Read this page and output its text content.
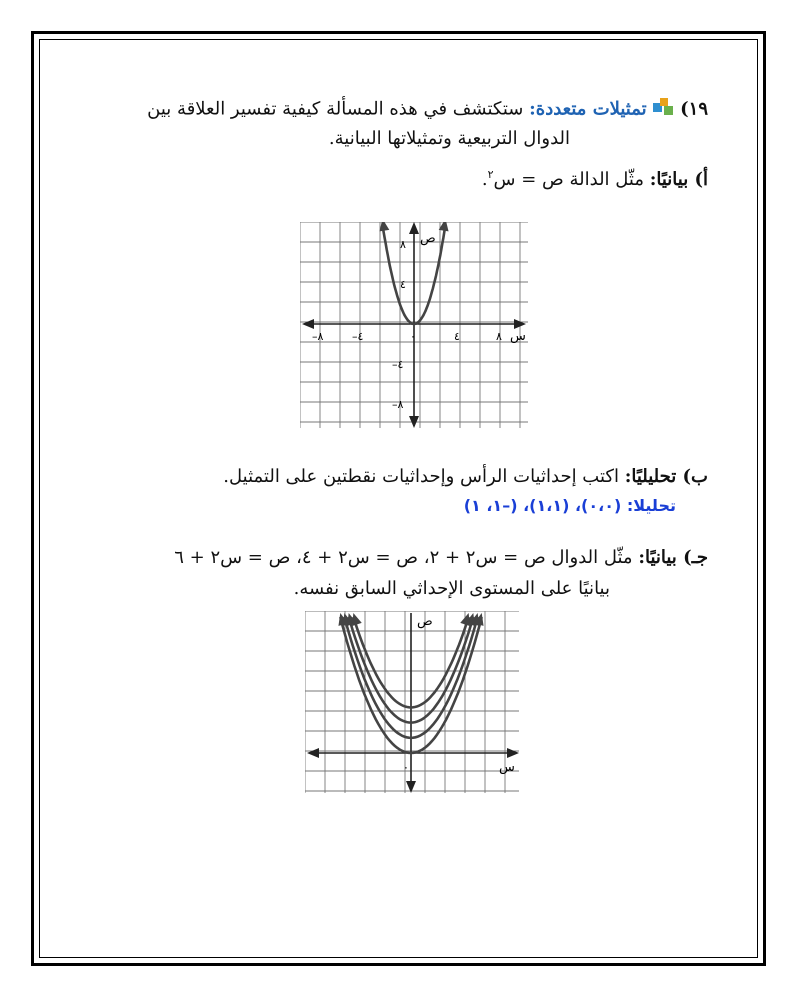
١٩)  تمثيلات متعددة: ستكتشف في هذه المسألة كيفية تفسير العلاقة بين
الدوال التربيعية وتمثيلاتها البيانية.
أ) بيانيًا: مثّل الدالة ص = س$^٢$.
ص
س
٠	٤	٨
–٤
–٨
٤
٨
–٤
–٨
ب) تحليليًا: اكتب إحداثيات الرأس وإحداثيات نقطتين على التمثيل.
تحليلا: (٠،٠)، (١،١)، (–١، ١)
جـ) بيانيًا: مثّل الدوال ص = س٢ + ٢، ص = س٢ + ٤، ص = س٢ + ٦
بيانيًا على المستوى الإحداثي السابق نفسه.
ص
س
٠
